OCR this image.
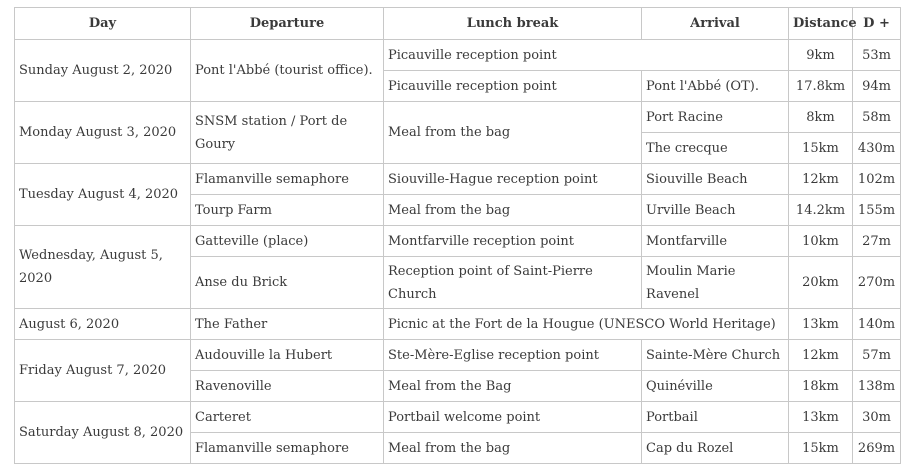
Day	Departure	Lunch break	Arrival	Distance	D +
Sunday August 2, 2020	Pont l'Abbé (tourist office).	Picauville reception point		9km	53m
		Picauville reception point	Pont l'Abbé (OT).	17.8km	94m
Monday August 3, 2020	SNSM station / Port de Goury	Meal from the bag	Port Racine	8km	58m
			The crecque	15km	430m
Tuesday August 4, 2020	Flamanville semaphore	Siouville-Hague reception point	Siouville Beach	12km	102m
	Tourp Farm	Meal from the bag	Urville Beach	14.2km	155m
Wednesday, August 5, 2020	Gatteville (place)	Montfarville reception point	Montfarville	10km	27m
	Anse du Brick	Reception point of Saint-Pierre Church	Moulin Marie Ravenel	20km	270m
August 6, 2020	The Father	Picnic at the Fort de la Hougue (UNESCO World Heritage)		13km	140m
Friday August 7, 2020	Audouville la Hubert	Ste-Mère-Eglise reception point	Sainte-Mère Church	12km	57m
	Ravenoville	Meal from the Bag	Quinéville	18km	138m
Saturday August 8, 2020	Carteret	Portbail welcome point	Portbail	13km	30m
	Flamanville semaphore	Meal from the bag	Cap du Rozel	15km	269m
